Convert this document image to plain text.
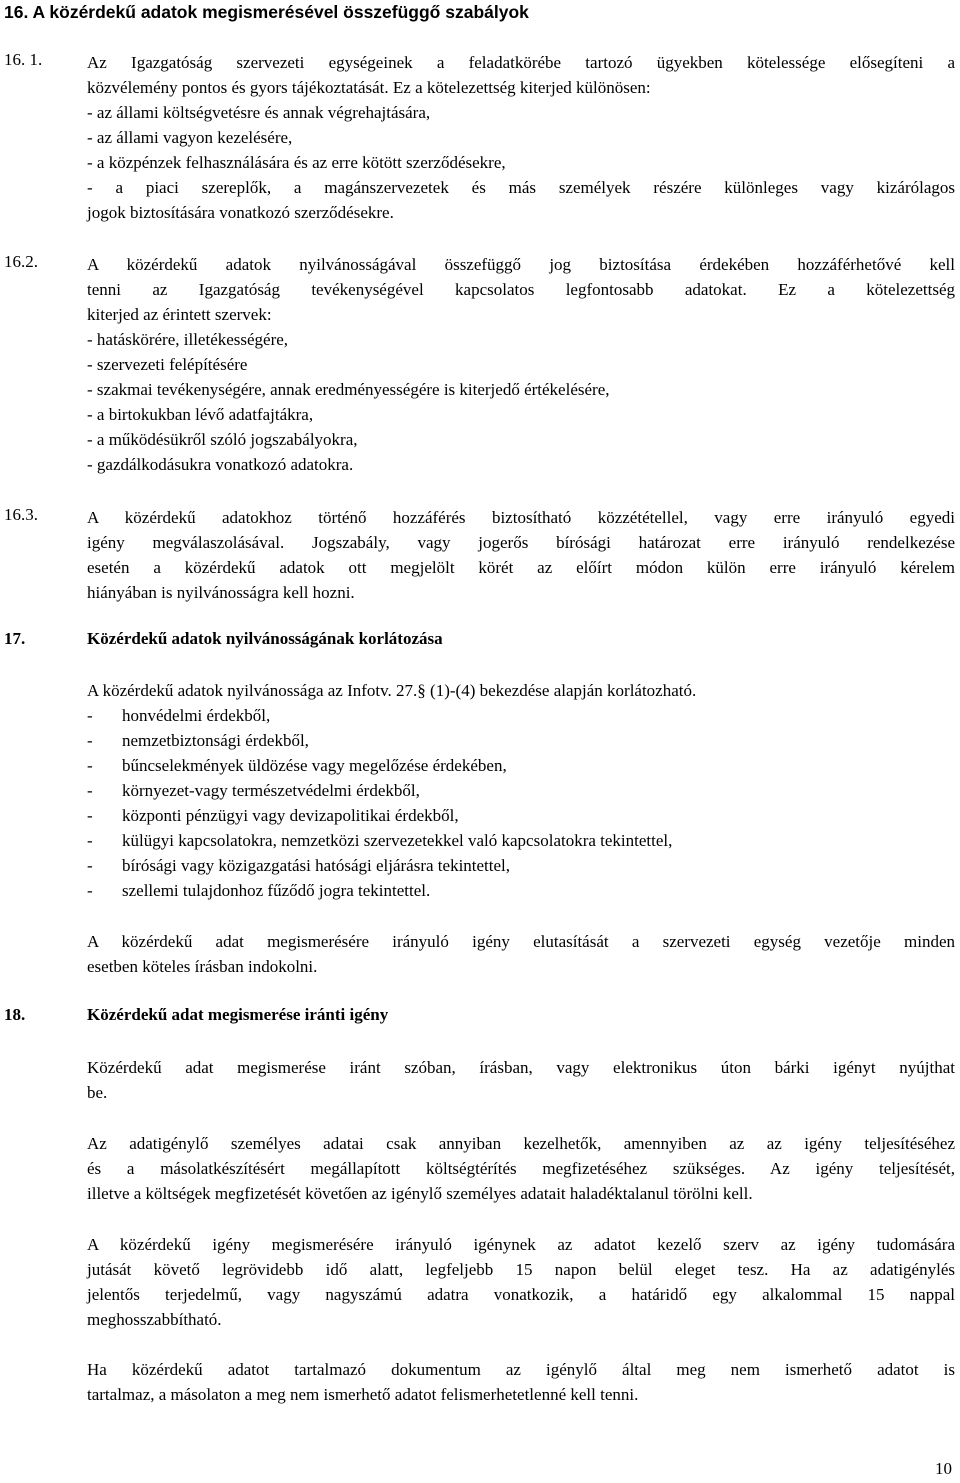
16. A közérdekű adatok megismerésével összefüggő szabályok
16. 1.	Az Igazgatóság szervezeti egységeinek a feladatkörébe tartozó ügyekben kötelessége elősegíteni a
közvélemény pontos és gyors tájékoztatását. Ez a kötelezettség kiterjed különösen:
- az állami költségvetésre és annak végrehajtására,
- az állami vagyon kezelésére,
- a közpénzek felhasználására és az erre kötött szerződésekre,
- a piaci szereplők, a magánszervezetek és más személyek részére különleges vagy kizárólagos
jogok biztosítására vonatkozó szerződésekre.
16.2.	A közérdekű adatok nyilvánosságával összefüggő jog biztosítása érdekében hozzáférhetővé kell
tenni az Igazgatóság tevékenységével kapcsolatos legfontosabb adatokat. Ez a kötelezettség
kiterjed az érintett szervek:
- hatáskörére, illetékességére,
- szervezeti felépítésére
- szakmai tevékenységére, annak eredményességére is kiterjedő értékelésére,
- a birtokukban lévő adatfajtákra,
- a működésükről szóló jogszabályokra,
- gazdálkodásukra vonatkozó adatokra.
16.3.	A közérdekű adatokhoz történő hozzáférés biztosítható közzététellel, vagy erre irányuló egyedi
igény megválaszolásával. Jogszabály, vagy jogerős bírósági határozat erre irányuló rendelkezése
esetén a közérdekű adatok ott megjelölt körét az előírt módon külön erre irányuló kérelem
hiányában is nyilvánosságra kell hozni.
17.	Közérdekű adatok nyilvánosságának korlátozása
A közérdekű adatok nyilvánossága az Infotv. 27.§ (1)-(4) bekezdése alapján korlátozható.
- honvédelmi érdekből,
- nemzetbiztonsági érdekből,
- bűncselekmények üldözése vagy megelőzése érdekében,
- környezet-vagy természetvédelmi érdekből,
- központi pénzügyi vagy devizapolitikai érdekből,
- külügyi kapcsolatokra, nemzetközi szervezetekkel való kapcsolatokra tekintettel,
- bírósági vagy közigazgatási hatósági eljárásra tekintettel,
- szellemi tulajdonhoz fűződő jogra tekintettel.
A közérdekű adat megismerésére irányuló igény elutasítását a szervezeti egység vezetője minden
esetben köteles írásban indokolni.
18.	Közérdekű adat megismerése iránti igény
Közérdekű adat megismerése iránt szóban, írásban, vagy elektronikus úton bárki igényt nyújthat
be.
Az adatigénylő személyes adatai csak annyiban kezelhetők, amennyiben az az igény teljesítéséhez
és a másolatkészítésért megállapított költségtérítés megfizetéséhez szükséges. Az igény teljesítését,
illetve a költségek megfizetését követően az igénylő személyes adatait haladéktalanul törölni kell.
A közérdekű igény megismerésére irányuló igénynek az adatot kezelő szerv az igény tudomására
jutását követő legrövidebb idő alatt, legfeljebb 15 napon belül eleget tesz. Ha az adatigénylés
jelentős terjedelmű, vagy nagyszámú adatra vonatkozik, a határidő egy alkalommal 15 nappal
meghosszabbítható.
Ha közérdekű adatot tartalmazó dokumentum az igénylő által meg nem ismerhető adatot is
tartalmaz, a másolaton a meg nem ismerhető adatot felismerhetetlenné kell tenni.
10
